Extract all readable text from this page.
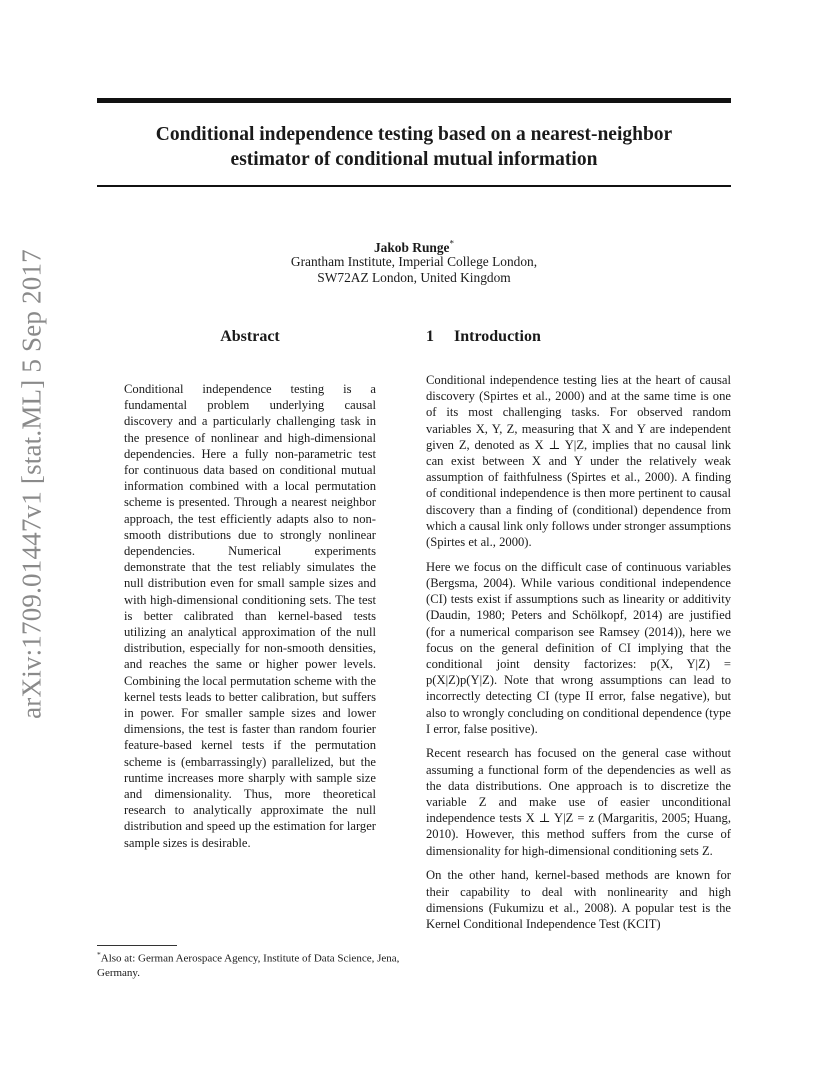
arXiv:1709.01447v1 [stat.ML] 5 Sep 2017
Conditional independence testing based on a nearest-neighbor
estimator of conditional mutual information
Jakob Runge*
Grantham Institute, Imperial College London,
SW72AZ London, United Kingdom
Abstract
Conditional independence testing is a fundamental problem underlying causal discovery and a particularly challenging task in the presence of nonlinear and high-dimensional dependencies. Here a fully non-parametric test for continuous data based on conditional mutual information combined with a local permutation scheme is presented. Through a nearest neighbor approach, the test efficiently adapts also to non-smooth distributions due to strongly nonlinear dependencies. Numerical experiments demonstrate that the test reliably simulates the null distribution even for small sample sizes and with high-dimensional conditioning sets. The test is better calibrated than kernel-based tests utilizing an analytical approximation of the null distribution, especially for non-smooth densities, and reaches the same or higher power levels. Combining the local permutation scheme with the kernel tests leads to better calibration, but suffers in power. For smaller sample sizes and lower dimensions, the test is faster than random fourier feature-based kernel tests if the permutation scheme is (embarrassingly) parallelized, but the runtime increases more sharply with sample size and dimensionality. Thus, more theoretical research to analytically approximate the null distribution and speed up the estimation for larger sample sizes is desirable.
1 Introduction

Conditional independence testing lies at the heart of causal discovery (Spirtes et al., 2000) and at the same time is one of its most challenging tasks. For observed random variables X, Y, Z, measuring that X and Y are independent given Z, denoted as X ⊥ Y|Z, implies that no causal link can exist between X and Y under the relatively weak assumption of faithfulness (Spirtes et al., 2000). A finding of conditional independence is then more pertinent to causal discovery than a finding of (conditional) dependence from which a causal link only follows under stronger assumptions (Spirtes et al., 2000).

Here we focus on the difficult case of continuous variables (Bergsma, 2004). While various conditional independence (CI) tests exist if assumptions such as linearity or additivity (Daudin, 1980; Peters and Schölkopf, 2014) are justified (for a numerical comparison see Ramsey (2014)), here we focus on the general definition of CI implying that the conditional joint density factorizes: p(X, Y|Z) = p(X|Z)p(Y|Z). Note that wrong assumptions can lead to incorrectly detecting CI (type II error, false negative), but also to wrongly concluding on conditional dependence (type I error, false positive).

Recent research has focused on the general case without assuming a functional form of the dependencies as well as the data distributions. One approach is to discretize the variable Z and make use of easier unconditional independence tests X ⊥ Y|Z = z (Margaritis, 2005; Huang, 2010). However, this method suffers from the curse of dimensionality for high-dimensional conditioning sets Z.

On the other hand, kernel-based methods are known for their capability to deal with nonlinearity and high dimensions (Fukumizu et al., 2008). A popular test is the Kernel Conditional Independence Test (KCIT)

*Also at: German Aerospace Agency, Institute of Data Science, Jena, Germany.
